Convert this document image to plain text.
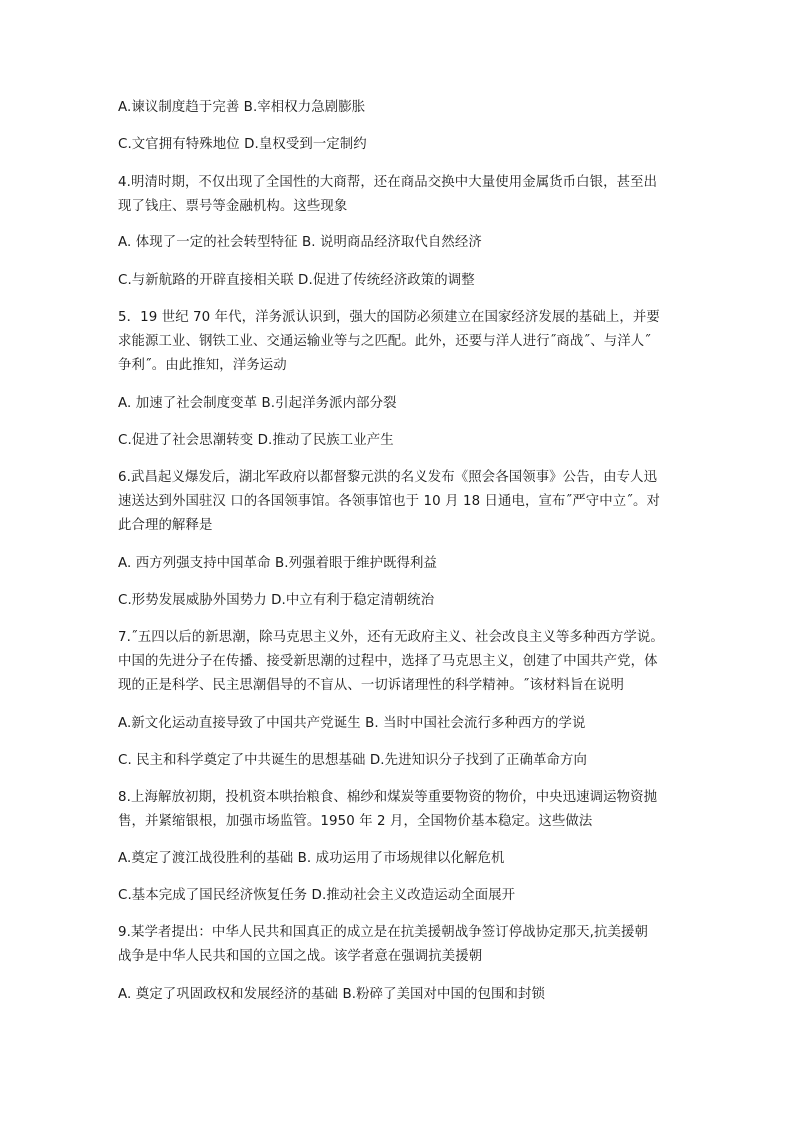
A.谏议制度趋于完善 B.宰相权力急剧膨胀
C.文官拥有特殊地位 D.皇权受到一定制约
4.明清时期，不仅出现了全国性的大商帮，还在商品交换中大量使用金属货币白银，甚至出
现了钱庄、票号等金融机构。这些现象
A. 体现了一定的社会转型特征 B. 说明商品经济取代自然经济
C.与新航路的开辟直接相关联 D.促进了传统经济政策的调整
5．19 世纪 70 年代，洋务派认识到，强大的国防必须建立在国家经济发展的基础上，并要
求能源工业、钢铁工业、交通运输业等与之匹配。此外，还要与洋人进行˝商战˝、与洋人˝
争利˝。由此推知，洋务运动
A. 加速了社会制度变革 B.引起洋务派内部分裂
C.促进了社会思潮转变 D.推动了民族工业产生
6.武昌起义爆发后，湖北军政府以都督黎元洪的名义发布《照会各国领事》公告，由专人迅
速送达到外国驻汉 口的各国领事馆。各领事馆也于 10 月 18 日通电，宣布˝严守中立˝。对
此合理的解释是
A. 西方列强支持中国革命 B.列强着眼于维护既得利益
C.形势发展威胁外国势力 D.中立有利于稳定清朝统治
7.˝五四以后的新思潮，除马克思主义外，还有无政府主义、社会改良主义等多种西方学说。
中国的先进分子在传播、接受新思潮的过程中，选择了马克思主义，创建了中国共产党，体
现的正是科学、民主思潮倡导的不盲从、一切诉诸理性的科学精神。˝该材料旨在说明
A.新文化运动直接导致了中国共产党诞生 B. 当时中国社会流行多种西方的学说
C. 民主和科学奠定了中共诞生的思想基础 D.先进知识分子找到了正确革命方向
8.上海解放初期，投机资本哄抬粮食、棉纱和煤炭等重要物资的物价，中央迅速调运物资抛
售，并紧缩银根，加强市场监管。1950 年 2 月，全国物价基本稳定。这些做法
A.奠定了渡江战役胜利的基础 B. 成功运用了市场规律以化解危机
C.基本完成了国民经济恢复任务 D.推动社会主义改造运动全面展开
9.某学者提出：中华人民共和国真正的成立是在抗美援朝战争签订停战协定那天,抗美援朝
战争是中华人民共和国的立国之战。该学者意在强调抗美援朝
A. 奠定了巩固政权和发展经济的基础 B.粉碎了美国对中国的包围和封锁
